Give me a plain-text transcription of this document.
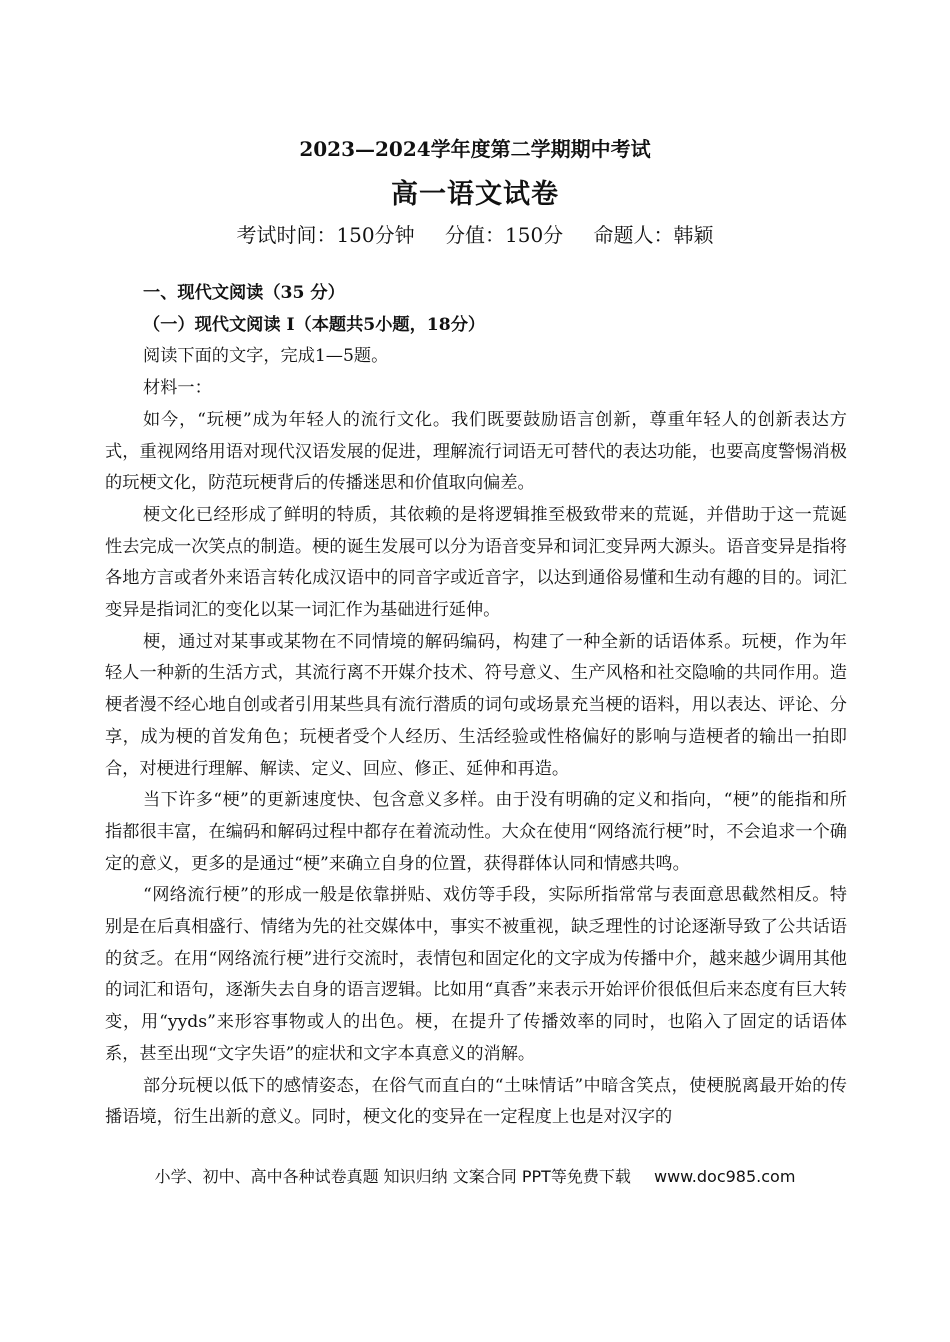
2023—2024学年度第二学期期中考试
高一语文试卷
考试时间：150分钟 分值：150分 命题人：韩颖
一、现代文阅读（35 分）
（一）现代文阅读 I（本题共5小题，18分）
阅读下面的文字，完成1—5题。
材料一：

如今，“玩梗”成为年轻人的流行文化。我们既要鼓励语言创新，尊重年轻人的创新表达方式，重视网络用语对现代汉语发展的促进，理解流行词语无可替代的表达功能，也要高度警惕消极的玩梗文化，防范玩梗背后的传播迷思和价值取向偏差。

梗文化已经形成了鲜明的特质，其依赖的是将逻辑推至极致带来的荒诞，并借助于这一荒诞性去完成一次笑点的制造。梗的诞生发展可以分为语音变异和词汇变异两大源头。语音变异是指将各地方言或者外来语言转化成汉语中的同音字或近音字，以达到通俗易懂和生动有趣的目的。词汇变异是指词汇的变化以某一词汇作为基础进行延伸。

梗，通过对某事或某物在不同情境的解码编码，构建了一种全新的话语体系。玩梗，作为年轻人一种新的生活方式，其流行离不开媒介技术、符号意义、生产风格和社交隐喻的共同作用。造梗者漫不经心地自创或者引用某些具有流行潜质的词句或场景充当梗的语料，用以表达、评论、分享，成为梗的首发角色；玩梗者受个人经历、生活经验或性格偏好的影响与造梗者的输出一拍即合，对梗进行理解、解读、定义、回应、修正、延伸和再造。

当下许多“梗”的更新速度快、包含意义多样。由于没有明确的定义和指向，“梗”的能指和所指都很丰富，在编码和解码过程中都存在着流动性。大众在使用“网络流行梗”时，不会追求一个确定的意义，更多的是通过“梗”来确立自身的位置，获得群体认同和情感共鸣。

“网络流行梗”的形成一般是依靠拼贴、戏仿等手段，实际所指常常与表面意思截然相反。特别是在后真相盛行、情绪为先的社交媒体中，事实不被重视，缺乏理性的讨论逐渐导致了公共话语的贫乏。在用“网络流行梗”进行交流时，表情包和固定化的文字成为传播中介，越来越少调用其他的词汇和语句，逐渐失去自身的语言逻辑。比如用“真香”来表示开始评价很低但后来态度有巨大转变，用“yyds”来形容事物或人的出色。梗，在提升了传播效率的同时，也陷入了固定的话语体系，甚至出现“文字失语”的症状和文字本真意义的消解。

部分玩梗以低下的感情姿态，在俗气而直白的“土味情话”中暗含笑点，使梗脱离最开始的传播语境，衍生出新的意义。同时，梗文化的变异在一定程度上也是对汉字的

小学、初中、高中各种试卷真题 知识归纳 文案合同 PPT等免费下载 www.doc985.com
